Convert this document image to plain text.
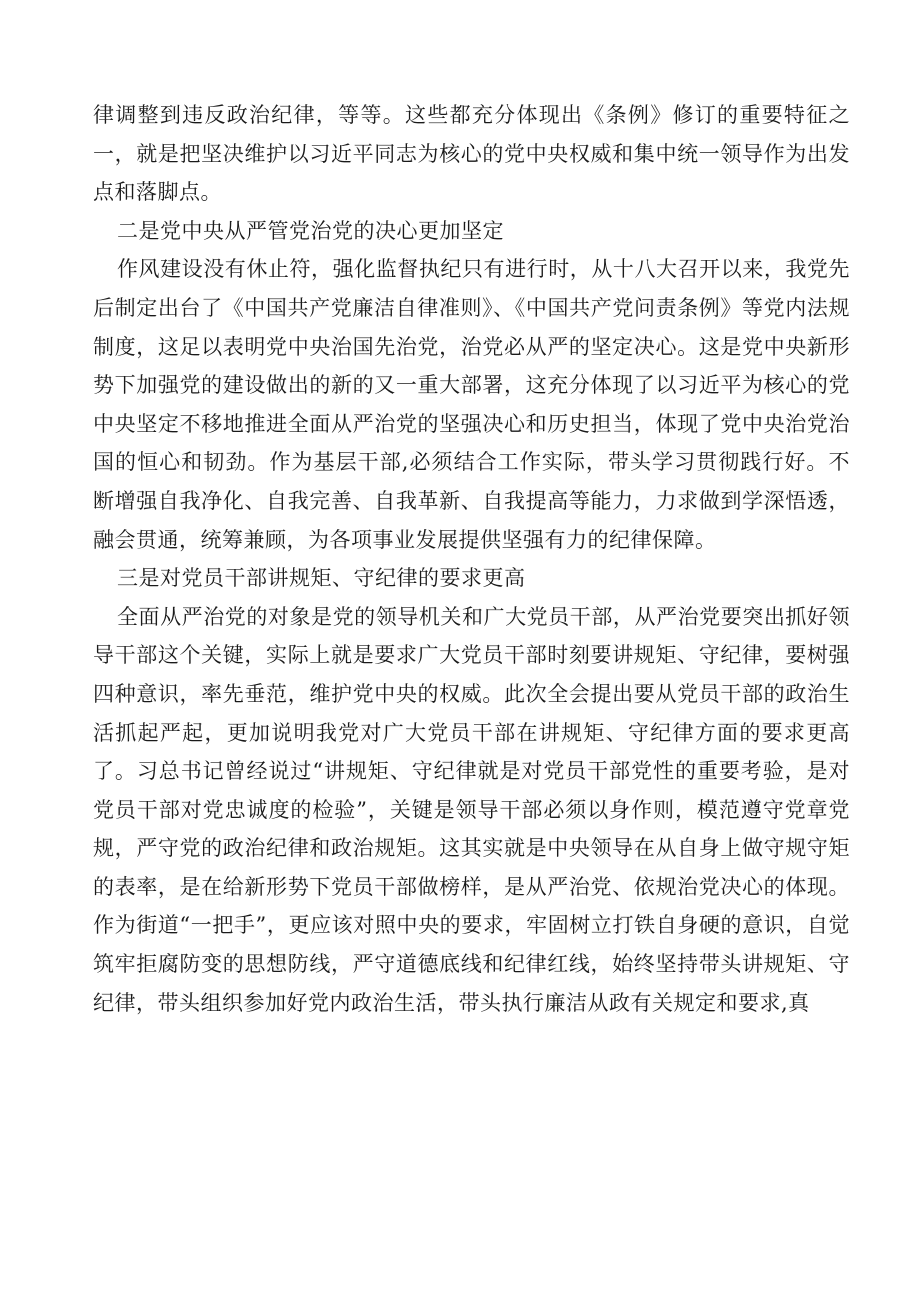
律调整到违反政治纪律，等等。这些都充分体现出《条例》修订的重要特征之一，就是把坚决维护以习近平同志为核心的党中央权威和集中统一领导作为出发点和落脚点。

二是党中央从严管党治党的决心更加坚定

作风建设没有休止符，强化监督执纪只有进行时，从十八大召开以来，我党先后制定出台了《中国共产党廉洁自律准则》、《中国共产党问责条例》等党内法规制度，这足以表明党中央治国先治党，治党必从严的坚定决心。这是党中央新形势下加强党的建设做出的新的又一重大部署，这充分体现了以习近平为核心的党中央坚定不移地推进全面从严治党的坚强决心和历史担当，体现了党中央治党治国的恒心和韧劲。作为基层干部,必须结合工作实际，带头学习贯彻践行好。不断增强自我净化、自我完善、自我革新、自我提高等能力，力求做到学深悟透，融会贯通，统筹兼顾，为各项事业发展提供坚强有力的纪律保障。

三是对党员干部讲规矩、守纪律的要求更高

全面从严治党的对象是党的领导机关和广大党员干部，从严治党要突出抓好领导干部这个关键，实际上就是要求广大党员干部时刻要讲规矩、守纪律，要树强四种意识，率先垂范，维护党中央的权威。此次全会提出要从党员干部的政治生活抓起严起，更加说明我党对广大党员干部在讲规矩、守纪律方面的要求更高了。习总书记曾经说过“讲规矩、守纪律就是对党员干部党性的重要考验，是对党员干部对党忠诚度的检验”，关键是领导干部必须以身作则，模范遵守党章党规，严守党的政治纪律和政治规矩。这其实就是中央领导在从自身上做守规守矩的表率，是在给新形势下党员干部做榜样，是从严治党、依规治党决心的体现。作为街道“一把手”，更应该对照中央的要求，牢固树立打铁自身硬的意识，自觉筑牢拒腐防变的思想防线，严守道德底线和纪律红线，始终坚持带头讲规矩、守纪律，带头组织参加好党内政治生活，带头执行廉洁从政有关规定和要求,真
